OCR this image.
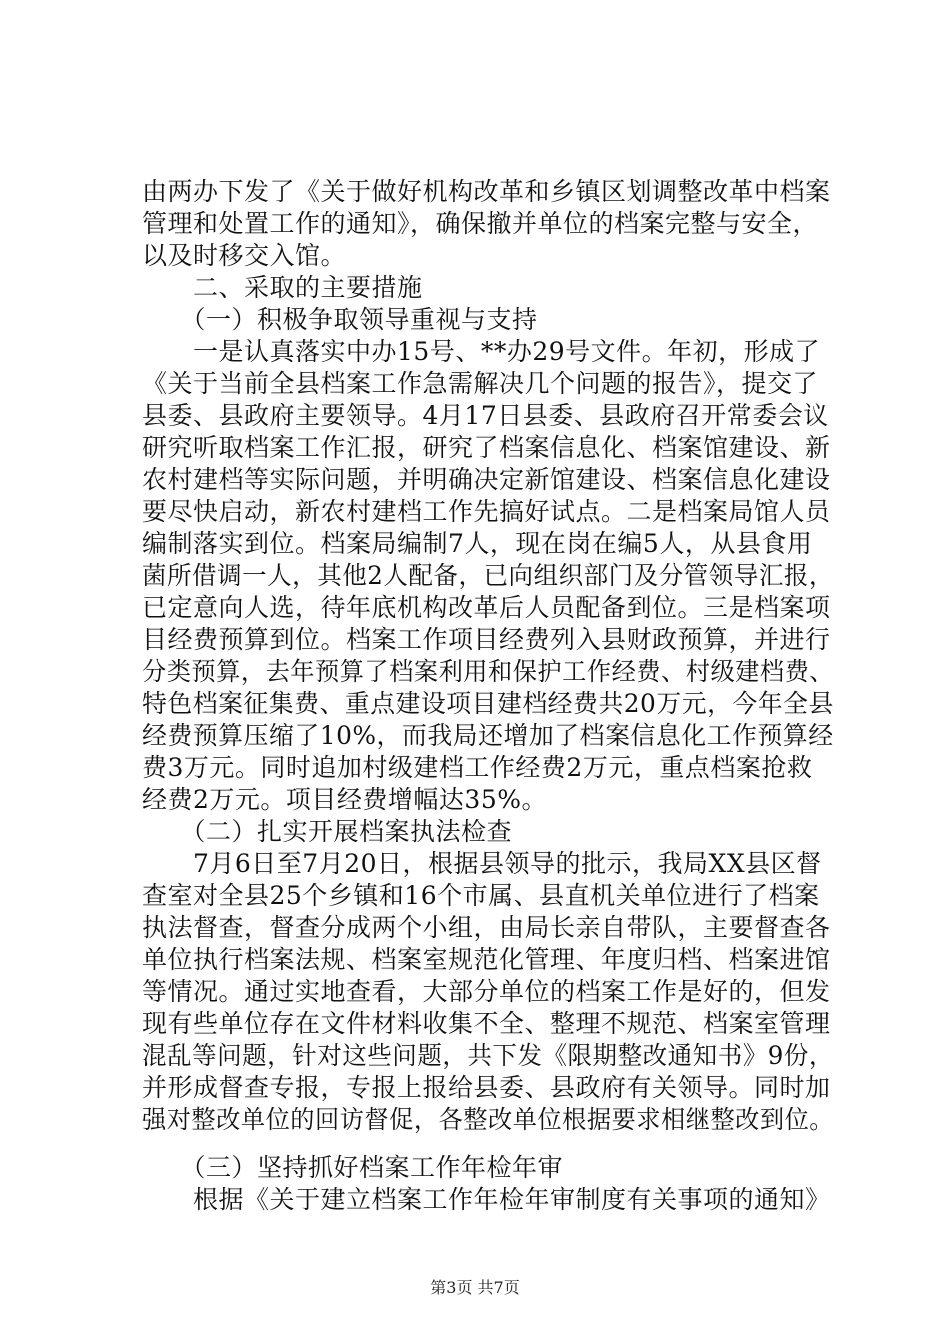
由两办下发了《关于做好机构改革和乡镇区划调整改革中档案
管理和处置工作的通知》，确保撤并单位的档案完整与安全，
以及时移交入馆。
　　二、采取的主要措施
　　（一）积极争取领导重视与支持
　　一是认真落实中办15号、**办29号文件。年初，形成了
《关于当前全县档案工作急需解决几个问题的报告》，提交了
县委、县政府主要领导。4月17日县委、县政府召开常委会议
研究听取档案工作汇报，研究了档案信息化、档案馆建设、新
农村建档等实际问题，并明确决定新馆建设、档案信息化建设
要尽快启动，新农村建档工作先搞好试点。二是档案局馆人员
编制落实到位。档案局编制7人，现在岗在编5人，从县食用
菌所借调一人，其他2人配备，已向组织部门及分管领导汇报，
已定意向人选，待年底机构改革后人员配备到位。三是档案项
目经费预算到位。档案工作项目经费列入县财政预算，并进行
分类预算，去年预算了档案利用和保护工作经费、村级建档费、
特色档案征集费、重点建设项目建档经费共20万元，今年全县
经费预算压缩了10%，而我局还增加了档案信息化工作预算经
费3万元。同时追加村级建档工作经费2万元，重点档案抢救
经费2万元。项目经费增幅达35%。
　　（二）扎实开展档案执法检查
　　7月6日至7月20日，根据县领导的批示，我局XX县区督
查室对全县25个乡镇和16个市属、县直机关单位进行了档案
执法督查，督查分成两个小组，由局长亲自带队，主要督查各
单位执行档案法规、档案室规范化管理、年度归档、档案进馆
等情况。通过实地查看，大部分单位的档案工作是好的，但发
现有些单位存在文件材料收集不全、整理不规范、档案室管理
混乱等问题，针对这些问题，共下发《限期整改通知书》9份，
并形成督查专报，专报上报给县委、县政府有关领导。同时加
强对整改单位的回访督促，各整改单位根据要求相继整改到位。
　　（三）坚持抓好档案工作年检年审
　　根据《关于建立档案工作年检年审制度有关事项的通知》
第3页 共7页
